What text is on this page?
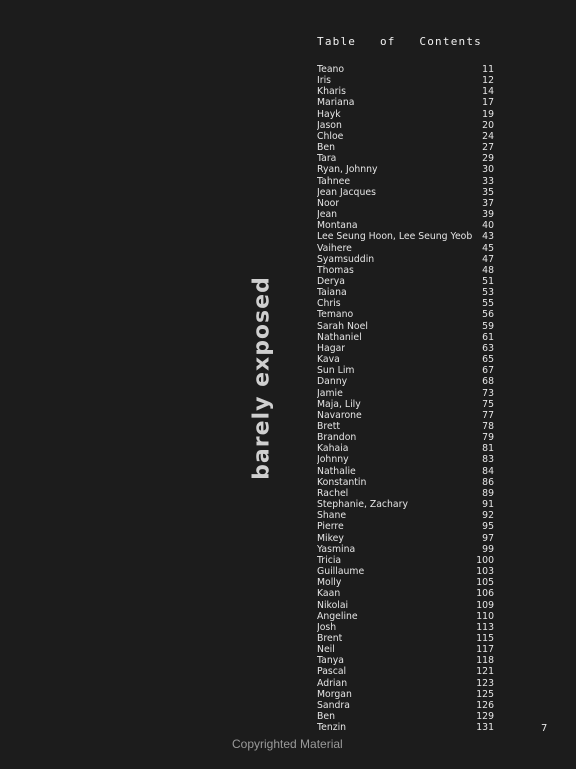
barely exposed
Table of Contents
Teano	11
Iris	12
Kharis	14
Mariana	17
Hayk	19
Jason	20
Chloe	24
Ben	27
Tara	29
Ryan, Johnny	30
Tahnee	33
Jean Jacques	35
Noor	37
Jean	39
Montana	40
Lee Seung Hoon, Lee Seung Yeob 43
Vaihere	45
Syamsuddin	47
Thomas	48
Derya	51
Taiana	53
Chris	55
Temano	56
Sarah Noel	59
Nathaniel	61
Hagar	63
Kava	65
Sun Lim	67
Danny	68
Jamie	73
Maja, Lily	75
Navarone	77
Brett	78
Brandon	79
Kahaia	81
Johnny	83
Nathalie	84
Konstantin	86
Rachel	89
Stephanie, Zachary	91
Shane	92
Pierre	95
Mikey	97
Yasmina	99
Tricia	100
Guillaume	103
Molly	105
Kaan	106
Nikolai	109
Angeline	110
Josh	113
Brent	115
Neil	117
Tanya	118
Pascal	121
Adrian	123
Morgan	125
Sandra	126
Ben	129
Tenzin	131	7
Copyrighted Material
